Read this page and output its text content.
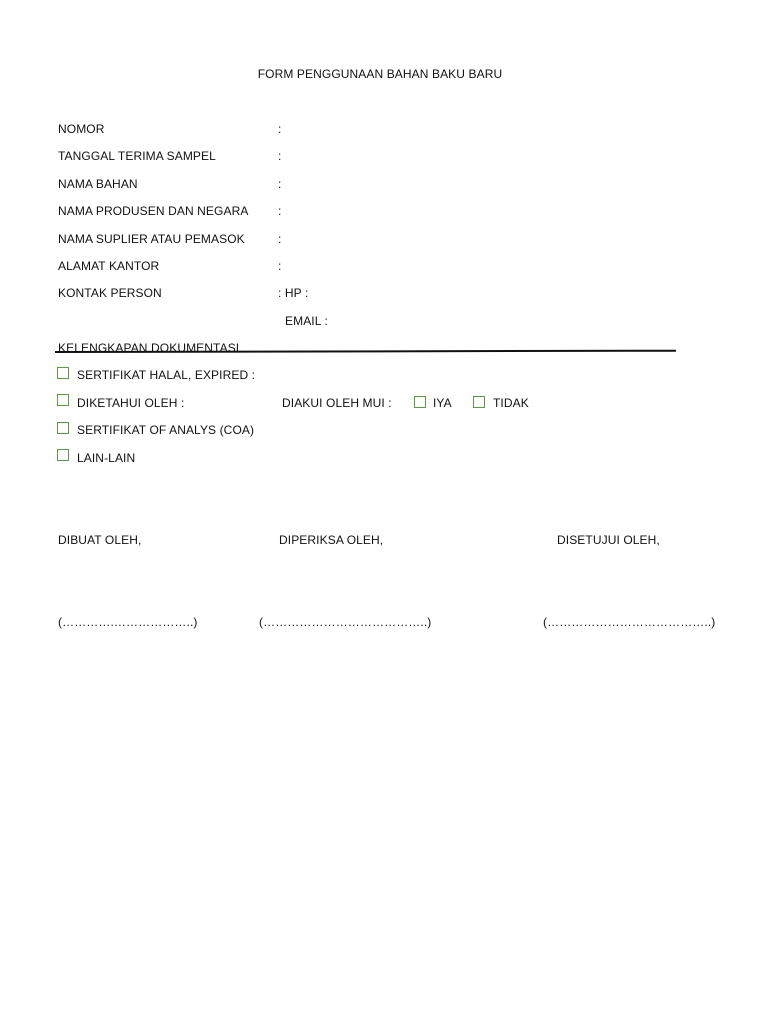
FORM PENGGUNAAN BAHAN BAKU BARU
NOMOR	:
TANGGAL TERIMA SAMPEL	:
NAMA BAHAN	:
NAMA PRODUSEN DAN NEGARA :
NAMA SUPLIER ATAU PEMASOK	:
ALAMAT KANTOR	:
KONTAK PERSON	: HP :
EMAIL :
KELENGKAPAN DOKUMENTASI
SERTIFIKAT HALAL, EXPIRED :
DIKETAHUI OLEH :	DIAKUI OLEH MUI :	IYA	TIDAK
SERTIFIKAT OF ANALYS (COA)
LAIN-LAIN
DIBUAT OLEH,	DIPERIKSA OLEH,	DISETUJUI OLEH,
(………….………………..)	(…………………………………..)	(…………………………………..)
